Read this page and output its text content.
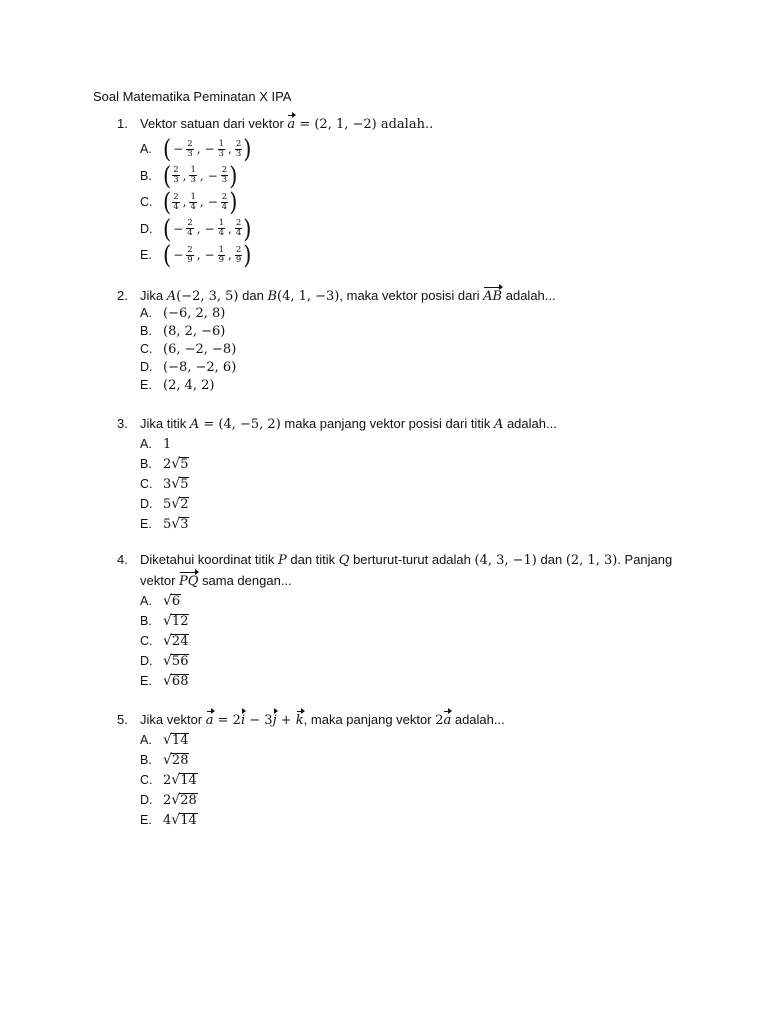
Soal Matematika Peminatan X IPA
1. Vektor satuan dari vektor a = (2, 1, −2) adalah..
A. ( − $\frac{2}{3}$ , − $\frac{1}{3}$ , $\frac{2}{3}$ )
B. ( $\frac{2}{3}$ , $\frac{1}{3}$ , − $\frac{2}{3}$ )
C. ( $\frac{2}{4}$ , $\frac{1}{4}$ , − $\frac{2}{4}$ )
D. ( − $\frac{2}{4}$ , − $\frac{1}{4}$ , $\frac{2}{4}$ )
E. ( − $\frac{2}{9}$ , − $\frac{1}{9}$ , $\frac{2}{9}$ )
2. Jika A(−2, 3, 5) dan B(4, 1, −3), maka vektor posisi dari AB adalah...
A. (−6, 2, 8)
B. (8, 2, −6)
C. (6, −2, −8)
D. (−8, −2, 6)
E. (2, 4, 2)
3. Jika titik A = (4, −5, 2) maka panjang vektor posisi dari titik A adalah...
A. 1
B. 2 √ 5
C. 3 √ 5
D. 5 √ 2
E. 5 √ 3
4. Diketahui koordinat titik P dan titik Q berturut-turut adalah (4, 3, −1) dan (2, 1, 3). Panjang
vektor PQ sama dengan...
A. √ 6
B. √ 12
C. √ 24
D. √ 56
E. √ 68
5. Jika vektor a = 2i − 3j + k, maka panjang vektor 2a adalah...
A. √ 14
B. √ 28
C. 2 √ 14
D. 2 √ 28
E. 4 √ 14
